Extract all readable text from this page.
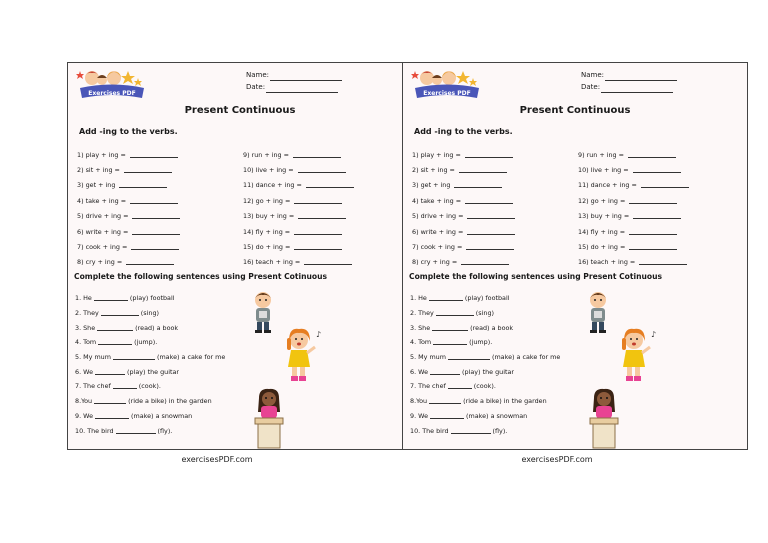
Exercises PDF
Name:
Date:
Present Continuous
Add -ing to the verbs.
1) play + ing =
2) sit + ing =
3) get + ing
4) take + ing =
5) drive + ing =
6) write + ing =
7) cook + ing =
8) cry + ing =
9) run + ing =
10) live + ing =
11) dance + ing =
12) go + ing =
13) buy + ing =
14) fly + ing =
15) do + ing =
16) teach + ing =
Complete the following sentences using Present Cotinuous
1. He	(play) football
2. They	(sing)
3. She	(read) a book
4. Tom	(jump).
5. My mum	(make) a cake for me
6. We	(play) the guitar
7. The chef	(cook).
8.You	(ride a bike) in the garden
9. We	(make) a snowman
10. The bird	(fly).
♪
Exercises PDF
Name:
Date:
Present Continuous
Add -ing to the verbs.
1) play + ing =
2) sit + ing =
3) get + ing
4) take + ing =
5) drive + ing =
6) write + ing =
7) cook + ing =
8) cry + ing =
9) run + ing =
10) live + ing =
11) dance + ing =
12) go + ing =
13) buy + ing =
14) fly + ing =
15) do + ing =
16) teach + ing =
Complete the following sentences using Present Cotinuous
1. He	(play) football
2. They	(sing)
3. She	(read) a book
4. Tom	(jump).
5. My mum	(make) a cake for me
6. We	(play) the guitar
7. The chef	(cook).
8.You	(ride a bike) in the garden
9. We	(make) a snowman
10. The bird	(fly).
♪
exercisesPDF.com	exercisesPDF.com
